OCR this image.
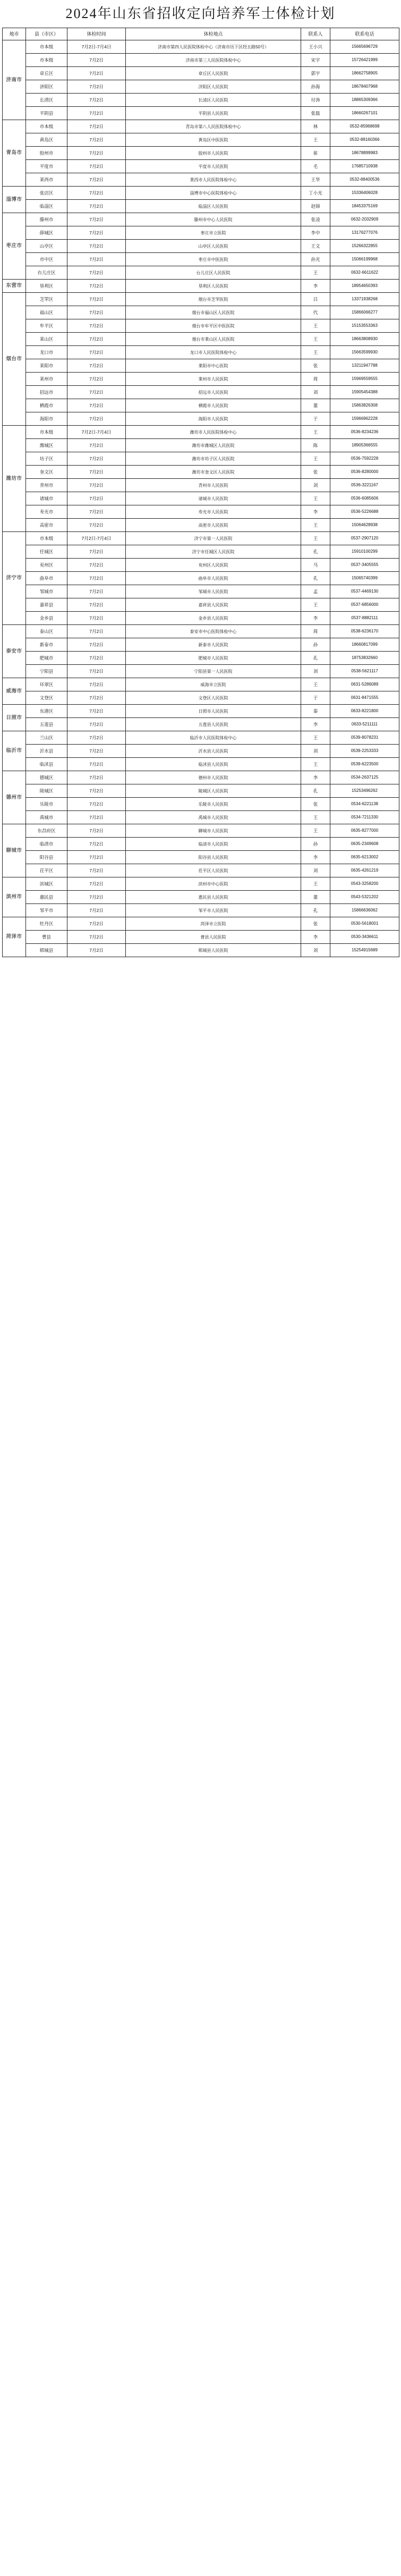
2024年山东省招收定向培养军士体检计划
地市	县（市区）	体检时间	体检地点	联系人	联系电话
济南市	市本级	7月2日-7月4日	济南市第四人民医院体检中心（济南市历下区经五路50号）	王小兴	15665696729
	市本级	7月2日	济南市第三人民医院体检中心	宋宇	15726421999
	章丘区	7月2日	章丘区人民医院	郭宇	18662758905
	济阳区	7月2日	济阳区人民医院	孙海	18678407968
	长清区	7月2日	长清区人民医院	付涛	18865309366
	平阴县	7月2日	平阴县人民医院	张磊	18660267101
青岛市	市本级	7月2日	青岛市第八人民医院体检中心	林	0532-85968698
	黄岛区	7月2日	黄岛区中医医院	王	0532-88160366
	胶州市	7月2日	胶州市人民医院	崔	18678899983
	平度市	7月2日	平度市人民医院	毛	17685710938
	莱西市	7月2日	莱西市人民医院体检中心	王华	0532-88400536
淄博市	张店区	7月2日	淄博市中心医院体检中心	丁小光	15336406028
	临淄区	7月2日	临淄区人民医院	赵锦	18453375169
枣庄市	滕州市	7月2日	滕州市中心人民医院	张凌	0632-2032909
	薛城区	7月2日	枣庄市立医院	李中	13176277076
	山亭区	7月2日	山亭区人民医院	王文	15266322855
	市中区	7月2日	枣庄市中医医院	孙光	15066199968
	台儿庄区	7月2日	台儿庄区人民医院	王	0632-6611622
东营市	垦利区	7月2日	垦利区人民医院	李	18954650393
烟台市	芝罘区	7月2日	烟台市芝罘医院	吕	13371938268
	福山区	7月2日	烟台市福山区人民医院	代	15866066277
	牟平区	7月2日	烟台市牟平区中医医院	王	15153553363
	莱山区	7月2日	烟台市莱山区人民医院	王	18663808930
	龙口市	7月2日	龙口市人民医院体检中心	王	15663599930
	莱阳市	7月2日	莱阳市中心医院	张	13211947788
	莱州市	7月2日	莱州市人民医院	周	15969559555
	招远市	7月2日	招远市人民医院	刘	15905454388
	栖霞市	7月2日	栖霞市人民医院	董	15863826308
	海阳市	7月2日	海阳市人民医院	于	15966962228
潍坊市	市本级	7月2日-7月4日	潍坊市人民医院体检中心	王	0536-8234236
	潍城区	7月2日	潍坊市潍城区人民医院	陈	18905366555
	坊子区	7月2日	潍坊市坊子区人民医院	王	0536-7592228
	奎文区	7月2日	潍坊市奎文区人民医院	张	0536-8280000
	青州市	7月2日	青州市人民医院	刘	0536-3221167
	诸城市	7月2日	诸城市人民医院	王	0536-6085606
	寿光市	7月2日	寿光市人民医院	李	0536-5226688
	高密市	7月2日	高密市人民医院	王	15064628938
济宁市	市本级	7月2日-7月4日	济宁市第一人民医院	王	0537-2907120
	任城区	7月2日	济宁市任城区人民医院	孔	15910100299
	兖州区	7月2日	兖州区人民医院	马	0537-3405555
	曲阜市	7月2日	曲阜市人民医院	孔	15065740399
	邹城市	7月2日	邹城市人民医院	孟	0537-4469130
	嘉祥县	7月2日	嘉祥县人民医院	王	0537-6856000
	金乡县	7月2日	金乡县人民医院	李	0537-8882111
泰安市	泰山区	7月2日	泰安市中心医院体检中心	周	0538-6236170
	新泰市	7月2日	新泰市人民医院	孙	18660817099
	肥城市	7月2日	肥城市人民医院	孔	18753832660
	宁阳县	7月2日	宁阳县第一人民医院	刘	0538-5621117
威海市	环翠区	7月2日	威海市立医院	王	0631-5286089
	文登区	7月2日	文登区人民医院	于	0631-8471555
日照市	东港区	7月2日	日照市人民医院	秦	0633-8221800
	五莲县	7月2日	五莲县人民医院	李	0633-5211111
临沂市	兰山区	7月2日	临沂市人民医院体检中心	王	0539-8078231
	沂水县	7月2日	沂水县人民医院	刘	0539-2253333
	临沭县	7月2日	临沭县人民医院	王	0539-6223500
德州市	德城区	7月2日	德州市人民医院	李	0534-2637125
	陵城区	7月2日	陵城区人民医院	孔	15253496262
	乐陵市	7月2日	乐陵市人民医院	张	0534-6221138
	禹城市	7月2日	禹城市人民医院	王	0534-7211330
聊城市	东昌府区	7月2日	聊城市人民医院	王	0635-8277000
	临清市	7月2日	临清市人民医院	孙	0635-2349608
	阳谷县	7月2日	阳谷县人民医院	李	0635-6213002
	茌平区	7月2日	茌平区人民医院	刘	0635-4261219
滨州市	滨城区	7月2日	滨州市中心医院	王	0543-3258200
	惠民县	7月2日	惠民县人民医院	董	0543-5321202
	邹平市	7月2日	邹平市人民医院	孔	15866636062
菏泽市	牡丹区	7月2日	菏泽市立医院	张	0530-5618001
	曹县	7月2日	曹县人民医院	李	0530-3436611
	郓城县	7月2日	郓城县人民医院	刘	15254915689
